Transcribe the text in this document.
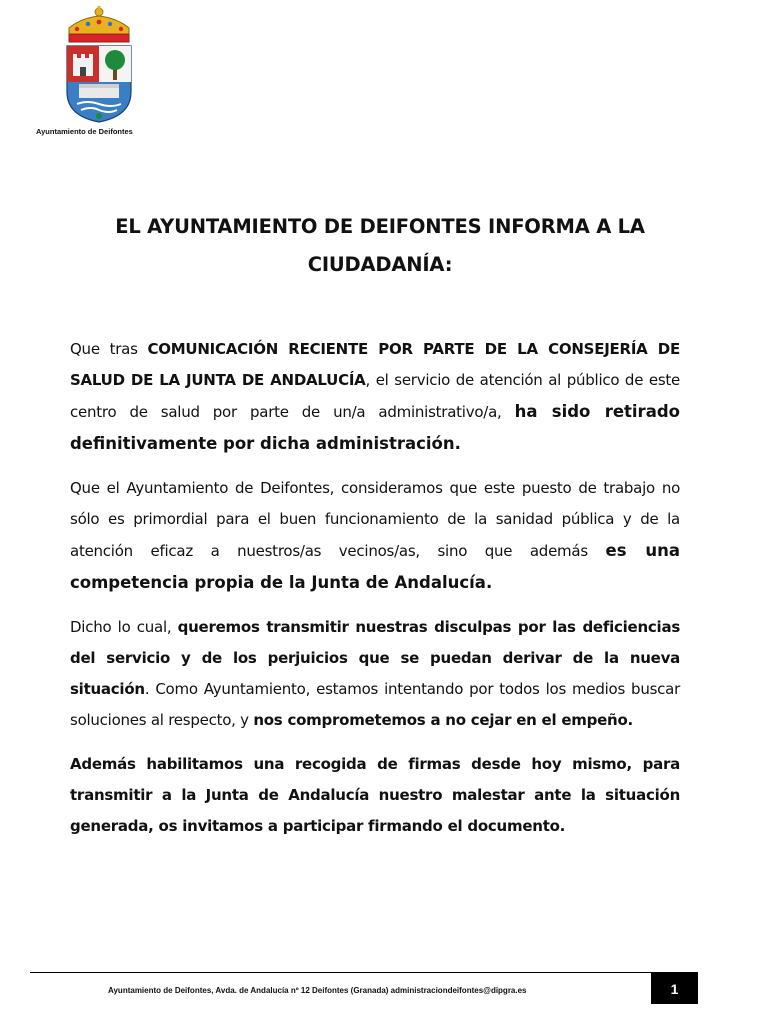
Ayuntamiento de Deifontes
EL AYUNTAMIENTO DE DEIFONTES INFORMA A LA
CIUDADANÍA:

Que tras COMUNICACIÓN RECIENTE POR PARTE DE LA CONSEJERÍA DE SALUD DE LA JUNTA DE ANDALUCÍA, el servicio de atención al público de este centro de salud por parte de un/a administrativo/a, ha sido retirado definitivamente por dicha administración.

Que el Ayuntamiento de Deifontes, consideramos que este puesto de trabajo no sólo es primordial para el buen funcionamiento de la sanidad pública y de la atención eficaz a nuestros/as vecinos/as, sino que además es una competencia propia de la Junta de Andalucía.

Dicho lo cual, queremos transmitir nuestras disculpas por las deficiencias del servicio y de los perjuicios que se puedan derivar de la nueva situación. Como Ayuntamiento, estamos intentando por todos los medios buscar soluciones al respecto, y nos comprometemos a no cejar en el empeño.

Además habilitamos una recogida de firmas desde hoy mismo, para transmitir a la Junta de Andalucía nuestro malestar ante la situación generada, os invitamos a participar firmando el documento.

Ayuntamiento de Deifontes, Avda. de Andalucía nº 12 Deifontes (Granada) administraciondeifontes@dipgra.es	1
